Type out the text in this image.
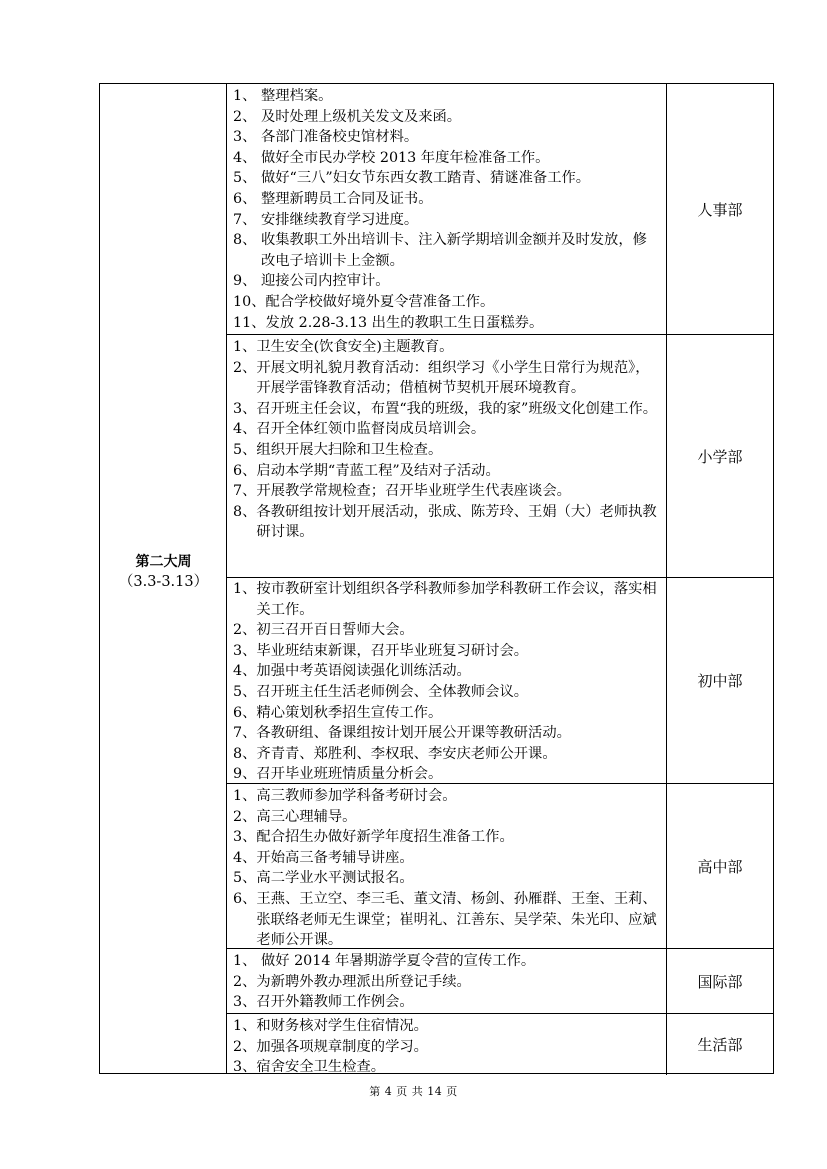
第二大周
（3.3-3.13）
1、 整理档案。
2、 及时处理上级机关发文及来函。
3、 各部门准备校史馆材料。
4、 做好全市民办学校 2013 年度年检准备工作。
5、 做好“三八”妇女节东西女教工踏青、猜谜准备工作。
6、 整理新聘员工合同及证书。
7、 安排继续教育学习进度。
8、 收集教职工外出培训卡、注入新学期培训金额并及时发放，修改电子培训卡上金额。
9、 迎接公司内控审计。
10、 配合学校做好境外夏令营准备工作。
11、 发放 2.28-3.13 出生的教职工生日蛋糕券。
人事部
1、 卫生安全(饮食安全)主题教育。
2、 开展文明礼貌月教育活动：组织学习《小学生日常行为规范》，开展学雷锋教育活动；借植树节契机开展环境教育。
3、 召开班主任会议，布置“我的班级，我的家”班级文化创建工作。
4、 召开全体红领巾监督岗成员培训会。
5、 组织开展大扫除和卫生检查。
6、 启动本学期“青蓝工程”及结对子活动。
7、 开展教学常规检查；召开毕业班学生代表座谈会。
8、 各教研组按计划开展活动，张成、陈芳玲、王娟（大）老师执教研讨课。
小学部
1、 按市教研室计划组织各学科教师参加学科教研工作会议，落实相关工作。
2、 初三召开百日誓师大会。
3、 毕业班结束新课，召开毕业班复习研讨会。
4、 加强中考英语阅读强化训练活动。
5、 召开班主任生活老师例会、全体教师会议。
6、 精心策划秋季招生宣传工作。
7、 各教研组、备课组按计划开展公开课等教研活动。
8、 齐青青、郑胜利、李权珉、李安庆老师公开课。
9、 召开毕业班班情质量分析会。
初中部
1、 高三教师参加学科备考研讨会。
2、 高三心理辅导。
3、 配合招生办做好新学年度招生准备工作。
4、 开始高三备考辅导讲座。
5、 高二学业水平测试报名。
6、 王燕、王立空、李三毛、董文清、杨剑、孙雁群、王奎、王莉、张联络老师无生课堂；崔明礼、江善东、吴学荣、朱光印、应斌老师公开课。
高中部
1、 做好 2014 年暑期游学夏令营的宣传工作。
2、 为新聘外教办理派出所登记手续。
3、 召开外籍教师工作例会。
国际部
1、 和财务核对学生住宿情况。
2、 加强各项规章制度的学习。
3、 宿舍安全卫生检查。
生活部
第 4 页 共 14 页
